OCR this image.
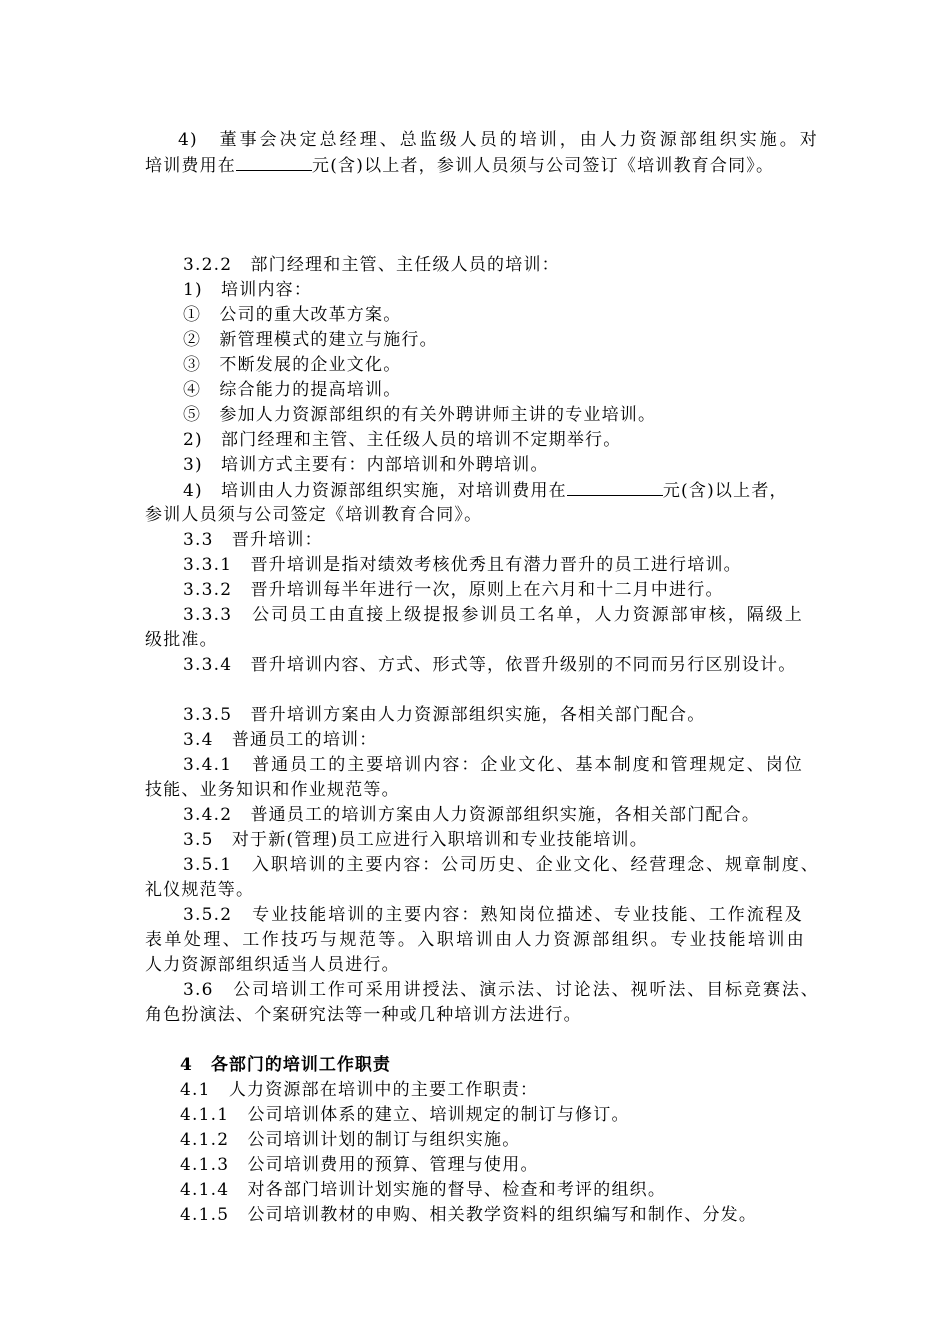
4)　董事会决定总经理、总监级人员的培训，由人力资源部组织实施。对
培训费用在	元(含)以上者，参训人员须与公司签订《培训教育合同》。
3.2.2　部门经理和主管、主任级人员的培训：
1)　培训内容：
①　公司的重大改革方案。
②　新管理模式的建立与施行。
③　不断发展的企业文化。
④　综合能力的提高培训。
⑤　参加人力资源部组织的有关外聘讲师主讲的专业培训。
2)　部门经理和主管、主任级人员的培训不定期举行。
3)　培训方式主要有：内部培训和外聘培训。
4)　培训由人力资源部组织实施，对培训费用在	元(含)以上者，
参训人员须与公司签定《培训教育合同》。
3.3　晋升培训：
3.3.1　晋升培训是指对绩效考核优秀且有潜力晋升的员工进行培训。
3.3.2　晋升培训每半年进行一次，原则上在六月和十二月中进行。
3.3.3　公司员工由直接上级提报参训员工名单，人力资源部审核，隔级上
级批准。
3.3.4　晋升培训内容、方式、形式等，依晋升级别的不同而另行区别设计。
3.3.5　晋升培训方案由人力资源部组织实施，各相关部门配合。
3.4　普通员工的培训：
3.4.1　普通员工的主要培训内容：企业文化、基本制度和管理规定、岗位
技能、业务知识和作业规范等。
3.4.2　普通员工的培训方案由人力资源部组织实施，各相关部门配合。
3.5　对于新(管理)员工应进行入职培训和专业技能培训。
3.5.1　入职培训的主要内容：公司历史、企业文化、经营理念、规章制度、
礼仪规范等。
3.5.2　专业技能培训的主要内容：熟知岗位描述、专业技能、工作流程及
表单处理、工作技巧与规范等。入职培训由人力资源部组织。专业技能培训由
人力资源部组织适当人员进行。
3.6　公司培训工作可采用讲授法、演示法、讨论法、视听法、目标竞赛法、
角色扮演法、个案研究法等一种或几种培训方法进行。
4　各部门的培训工作职责
4.1　人力资源部在培训中的主要工作职责：
4.1.1　公司培训体系的建立、培训规定的制订与修订。
4.1.2　公司培训计划的制订与组织实施。
4.1.3　公司培训费用的预算、管理与使用。
4.1.4　对各部门培训计划实施的督导、检查和考评的组织。
4.1.5　公司培训教材的申购、相关教学资料的组织编写和制作、分发。
